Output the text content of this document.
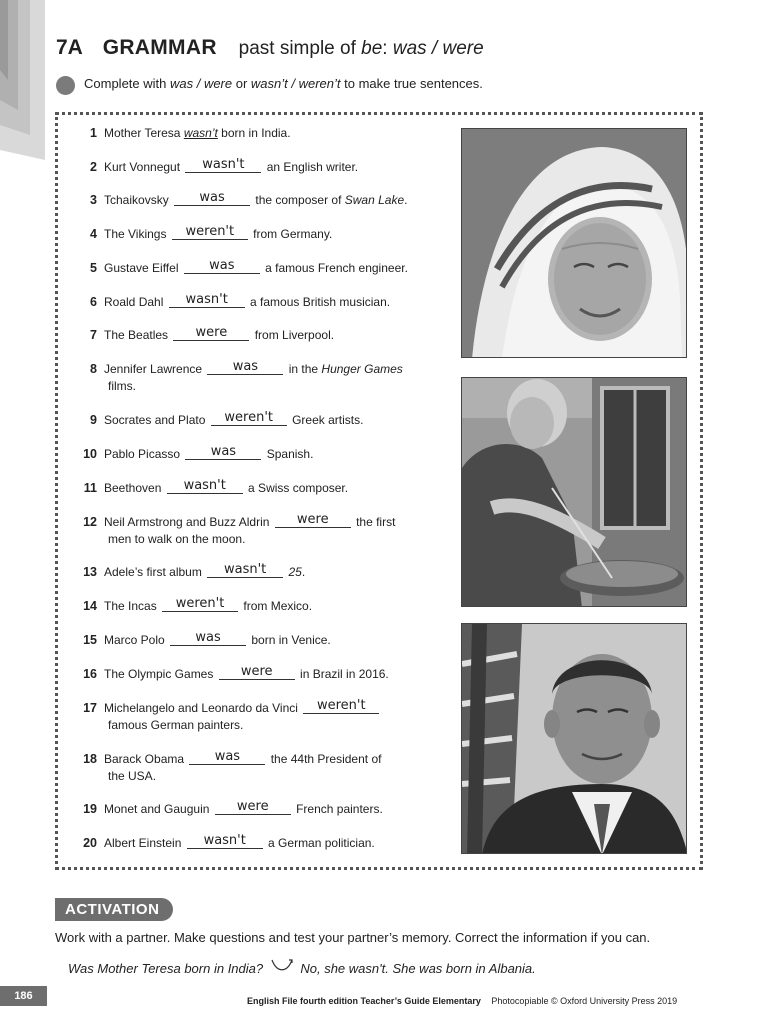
7A GRAMMAR past simple of be: was / were
Complete with was / were or wasn’t / weren’t to make true sentences.
1 Mother Teresa wasn’t born in India.
2 Kurt Vonnegut wasn't an English writer.
3 Tchaikovsky was the composer of Swan Lake.
4 The Vikings weren't from Germany.
5 Gustave Eiffel was a famous French engineer.
6 Roald Dahl wasn't a famous British musician.
7 The Beatles were from Liverpool.
8 Jennifer Lawrence was in the Hunger Games
films.
9 Socrates and Plato weren't Greek artists.
10 Pablo Picasso was Spanish.
11 Beethoven wasn't a Swiss composer.
12 Neil Armstrong and Buzz Aldrin were the first
men to walk on the moon.
13 Adele’s first album wasn't 25.
14 The Incas weren't from Mexico.
15 Marco Polo was born in Venice.
16 The Olympic Games were in Brazil in 2016.
17 Michelangelo and Leonardo da Vinci weren't
famous German painters.
18 Barack Obama was the 44th President of
the USA.
19 Monet and Gauguin were French painters.
20 Albert Einstein wasn't a German politician.
ACTIVATION
Work with a partner. Make questions and test your partner’s memory. Correct the information if you can.
Was Mother Teresa born in India?	No, she wasn't. She was born in Albania.
186	English File fourth edition Teacher’s Guide Elementary Photocopiable © Oxford University Press 2019
